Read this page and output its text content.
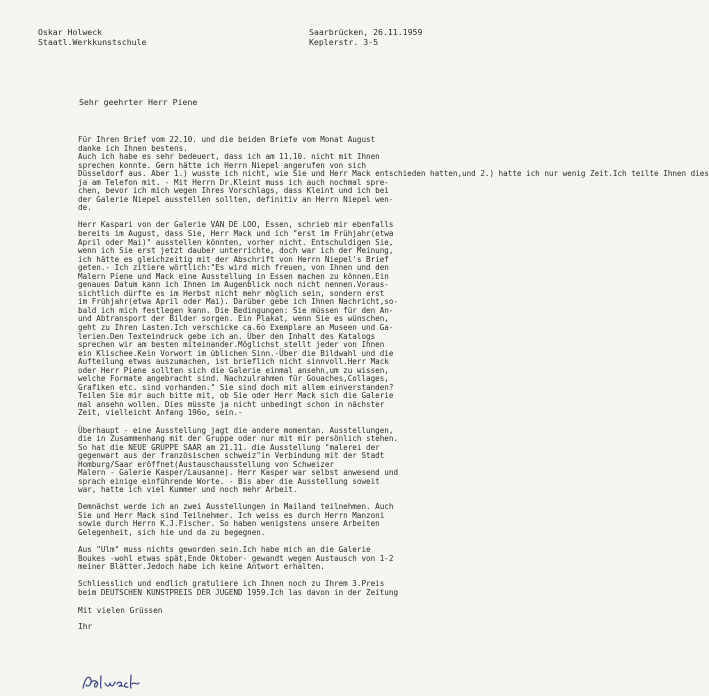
Oskar Holweck
Staatl.Werkkunstschule
Saarbrücken, 26.11.1959
Keplerstr. 3-5
Sehr geehrter Herr Piene
Für Ihren Brief vom 22.10. und die beiden Briefe vom Monat August
danke ich Ihnen bestens.
Auch ich habe es sehr bedeuert, dass ich am 11.10. nicht mit Ihnen
sprechen konnte. Gern hätte ich Herrn Niepel angerufen von sich
Düsseldorf aus. Aber 1.) wusste ich nicht, wie Sie und Herr Mack entschieden hatten,und 2.) hatte ich nur wenig Zeit.Ich teilte Ihnen dies
ja am Telefon mit. - Mit Herrn Dr.Kleint muss ich auch nochmal spre-
chen, bevor ich mich wegen Ihres Vorschlags, dass Kleint und ich bei
der Galerie Niepel ausstellen sollten, definitiv an Herrn Niepel wen-
de.
Herr Kaspari von der Galerie VAN DE LOO, Essen, schrieb mir ebenfalls
bereits im August, dass Sie, Herr Mack und ich "erst im Frühjahr(etwa
April oder Mai)" ausstellen könnten, vorher nicht. Entschuldigen Sie,
wenn ich Sie erst jetzt dauber unterrichte, doch war ich der Meinung,
ich hätte es gleichzeitig mit der Abschrift von Herrn Niepel's Brief
geten.- Ich zitiere wörtlich:"Es wird mich freuen, von Ihnen und den
Malern Piene und Mack eine Ausstellung in Essen machen zu können.Ein
genaues Datum kann ich Ihnen im Augenblick noch nicht nennen.Voraus-
sichtlich dürfte es im Herbst nicht mehr möglich sein, sondern erst
im Frühjahr(etwa April oder Mai). Darüber gebe ich Ihnen Nachricht,so-
bald ich mich festlegen kann. Die Bedingungen: Sie müssen für den An-
und Abtransport der Bilder sorgen. Ein Plakat, wenn Sie es wünschen,
geht zu Ihren Lasten.Ich verschicke ca.6o Exemplare an Museen und Ga-
lerien.Den Texteindruck gebe ich an. Über den Inhalt des Katalogs
sprechen wir am besten miteinander.Möglichst stellt jeder von Ihnen
ein Klischee.Kein Vorwort im üblichen Sinn.-Über die Bildwahl und die
Aufteilung etwas auszumachen, ist brieflich nicht sinnvoll.Herr Mack
oder Herr Piene sollten sich die Galerie einmal ansehn,um zu wissen,
welche Formate angebracht sind. Nachzulrahmen für Gouaches,Collages,
Grafiken etc. sind vorhanden." Sie sind doch mit allem einverstanden?
Teilen Sie mir auch bitte mit, ob Sie oder Herr Mack sich die Galerie
mal ansehn wollen. Dies müsste ja nicht unbedingt schon in nächster
Zeit, vielleicht Anfang 196o, sein.-
Überhaupt - eine Ausstellung jagt die andere momentan. Ausstellungen,
die in Zusammenhang mit der Gruppe oder nur mit mir persönlich stehen.
So hat die NEUE GRUPPE SAAR am 21.11. die Ausstellung "malerei der
gegenwart aus der französischen schweiz"in Verbindung mit der Stadt
Homburg/Saar eröffnet(Austauschausstellung von Schweizer
Malern - Galerie Kasper/Lausanne). Herr Kasper war selbst anwesend und
sprach einige einführende Worte. - Bis aber die Ausstellung soweit
war, hatte ich viel Kummer und noch mehr Arbeit.
Demnächst werde ich an zwei Ausstellungen in Mailand teilnehmen. Auch
Sie und Herr Mack sind Teilnehmer. Ich weiss es durch Herrn Manzoni
sowie durch Herrn K.J.Fischer. So haben wenigstens unsere Arbeiten
Gelegenheit, sich hie und da zu begegnen.
Aus "Ulm" muss nichts geworden sein.Ich habe mich an die Galerie
Boukes -wohl etwas spät,Ende Oktober- gewandt wegen Austausch von 1-2
meiner Blätter.Jedoch habe ich keine Antwort erhalten.
Schliesslich und endlich gratuliere ich Ihnen noch zu Ihrem 3.Preis
beim DEUTSCHEN KUNSTPREIS DER JUGEND 1959.Ich las davon in der Zeitung
Mit vielen Grüssen
Ihr
